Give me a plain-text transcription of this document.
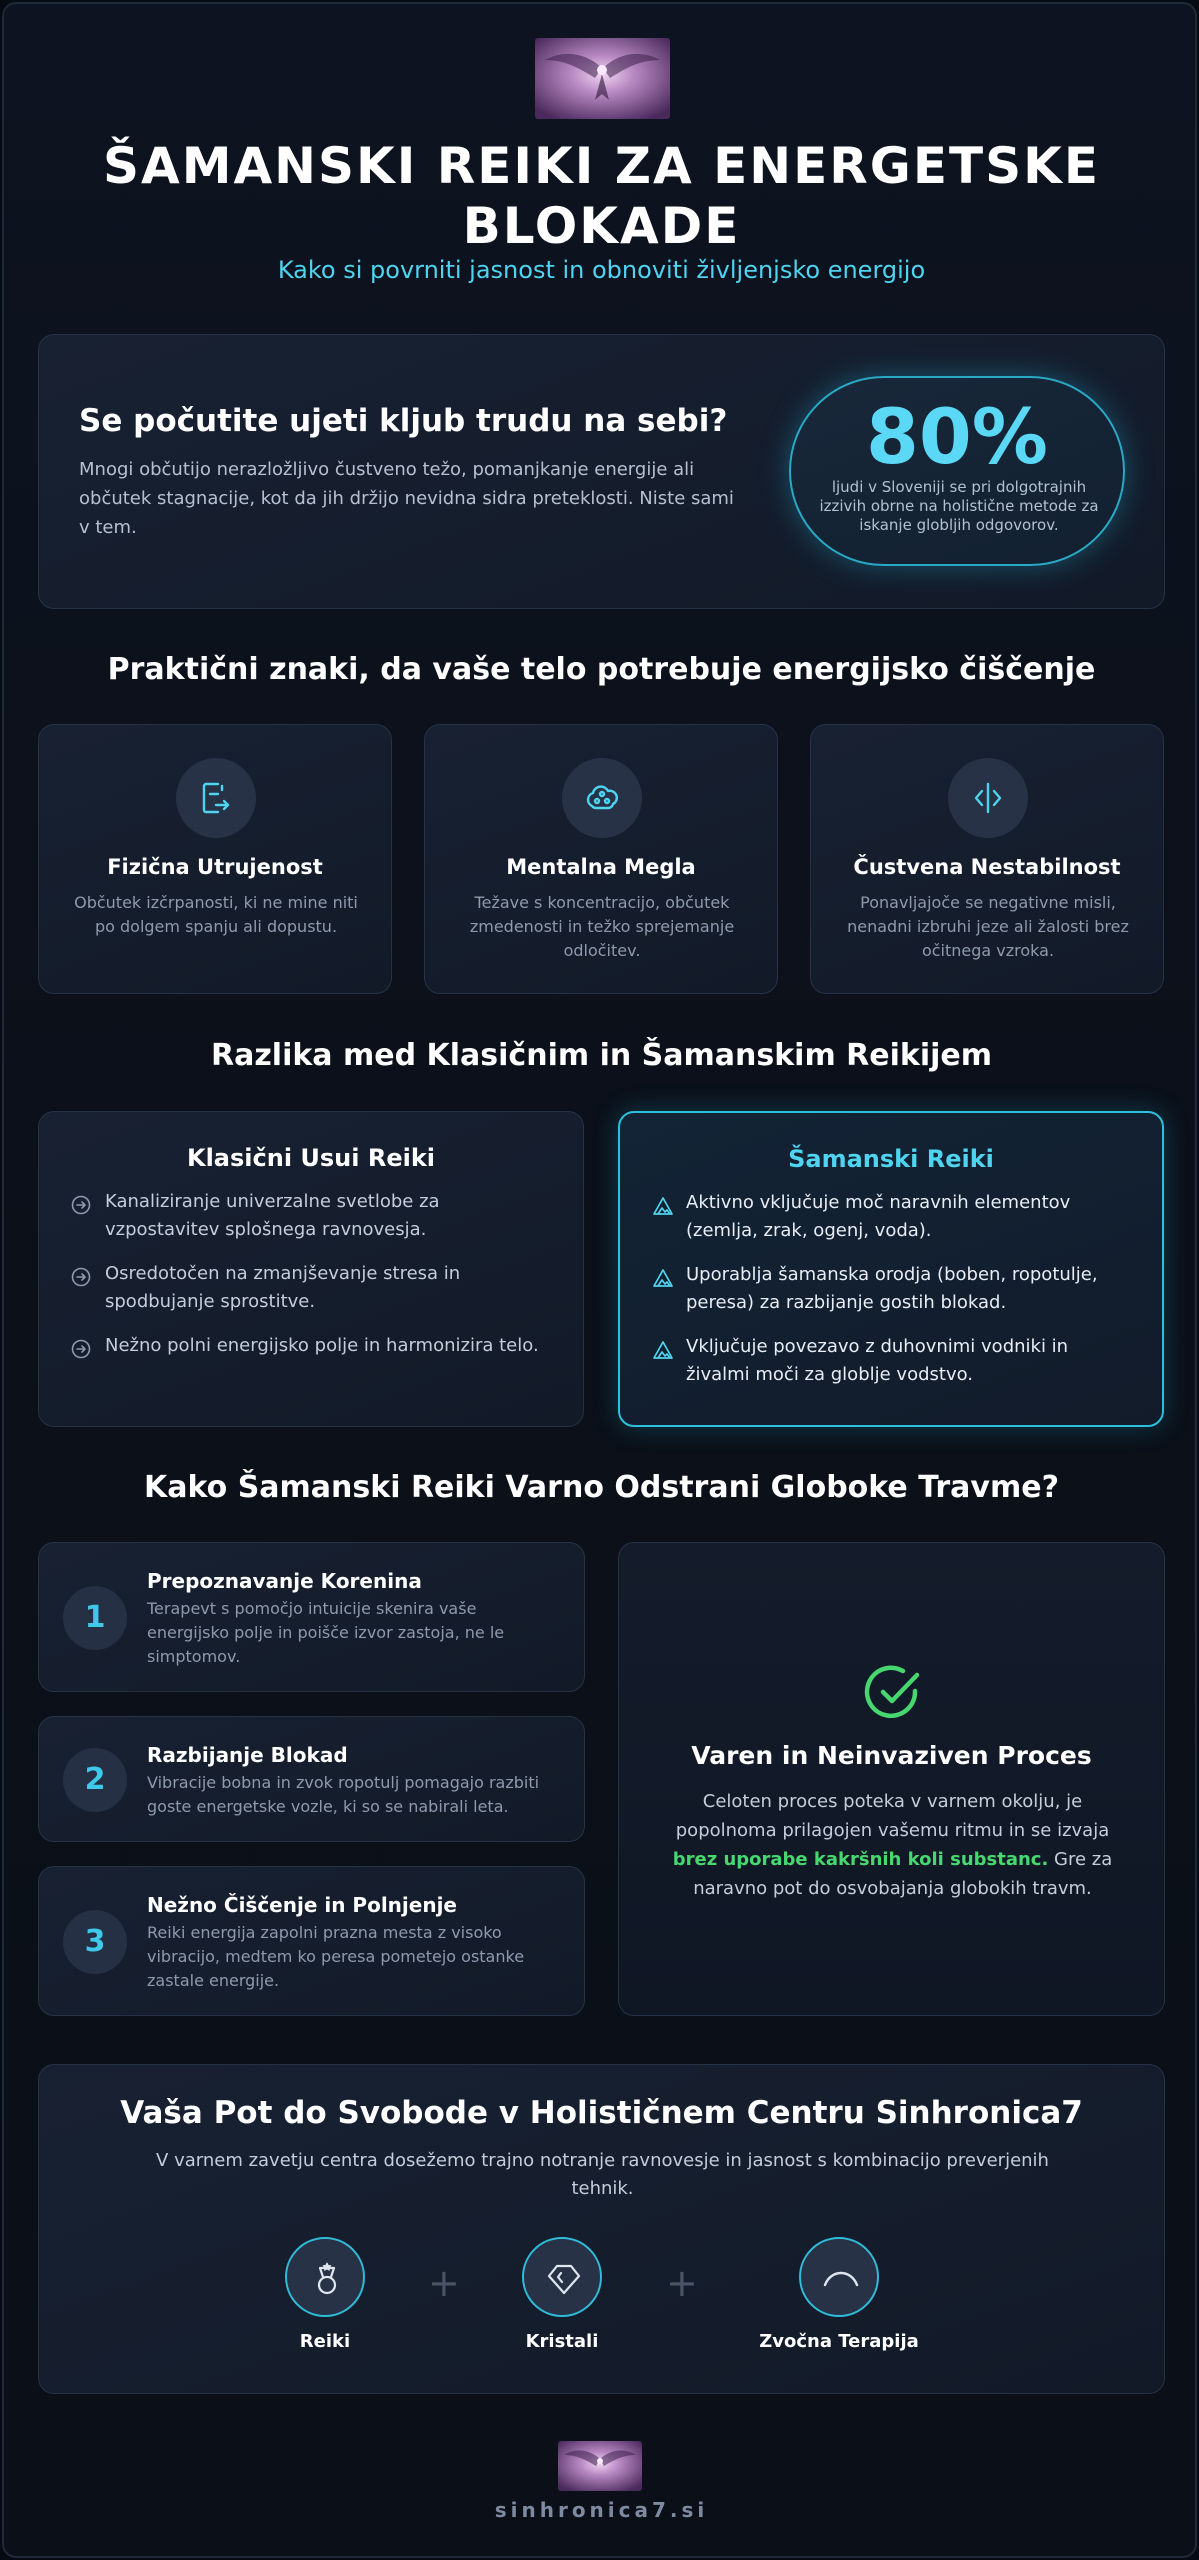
ŠAMANSKI REIKI ZA ENERGETSKE BLOKADE
Kako si povrniti jasnost in obnoviti življenjsko energijo
Se počutite ujeti kljub trudu na sebi?
Mnogi občutijo nerazložljivo čustveno težo, pomanjkanje energije ali občutek stagnacije, kot da jih držijo nevidna sidra preteklosti. Niste sami v tem.
80%
ljudi v Sloveniji se pri dolgotrajnih izzivih obrne na holistične metode za iskanje globljih odgovorov.
Praktični znaki, da vaše telo potrebuje energijsko čiščenje
Fizična Utrujenost
Občutek izčrpanosti, ki ne mine niti po dolgem spanju ali dopustu.
Mentalna Megla
Težave s koncentracijo, občutek zmedenosti in težko sprejemanje odločitev.
Čustvena Nestabilnost
Ponavljajoče se negativne misli, nenadni izbruhi jeze ali žalosti brez očitnega vzroka.
Razlika med Klasičnim in Šamanskim Reikijem
Klasični Usui Reiki
Kanaliziranje univerzalne svetlobe za vzpostavitev splošnega ravnovesja.
Osredotočen na zmanjševanje stresa in spodbujanje sprostitve.
Nežno polni energijsko polje in harmonizira telo.
Šamanski Reiki
Aktivno vključuje moč naravnih elementov (zemlja, zrak, ogenj, voda).
Uporablja šamanska orodja (boben, ropotulje, peresa) za razbijanje gostih blokad.
Vključuje povezavo z duhovnimi vodniki in živalmi moči za globlje vodstvo.
Kako Šamanski Reiki Varno Odstrani Globoke Travme?
1
Prepoznavanje Korenina
Terapevt s pomočjo intuicije skenira vaše energijsko polje in poišče izvor zastoja, ne le simptomov.
2
Razbijanje Blokad
Vibracije bobna in zvok ropotulj pomagajo razbiti goste energetske vozle, ki so se nabirali leta.
3
Nežno Čiščenje in Polnjenje
Reiki energija zapolni prazna mesta z visoko vibracijo, medtem ko peresa pometejo ostanke zastale energije.
Varen in Neinvaziven Proces
Celoten proces poteka v varnem okolju, je popolnoma prilagojen vašemu ritmu in se izvaja brez uporabe kakršnih koli substanc. Gre za naravno pot do osvobajanja globokih travm.
Vaša Pot do Svobode v Holističnem Centru Sinhronica7
V varnem zavetju centra dosežemo trajno notranje ravnovesje in jasnost s kombinacijo preverjenih tehnik.
Reiki
+
Kristali
+
Zvočna Terapija
sinhronica7.si
